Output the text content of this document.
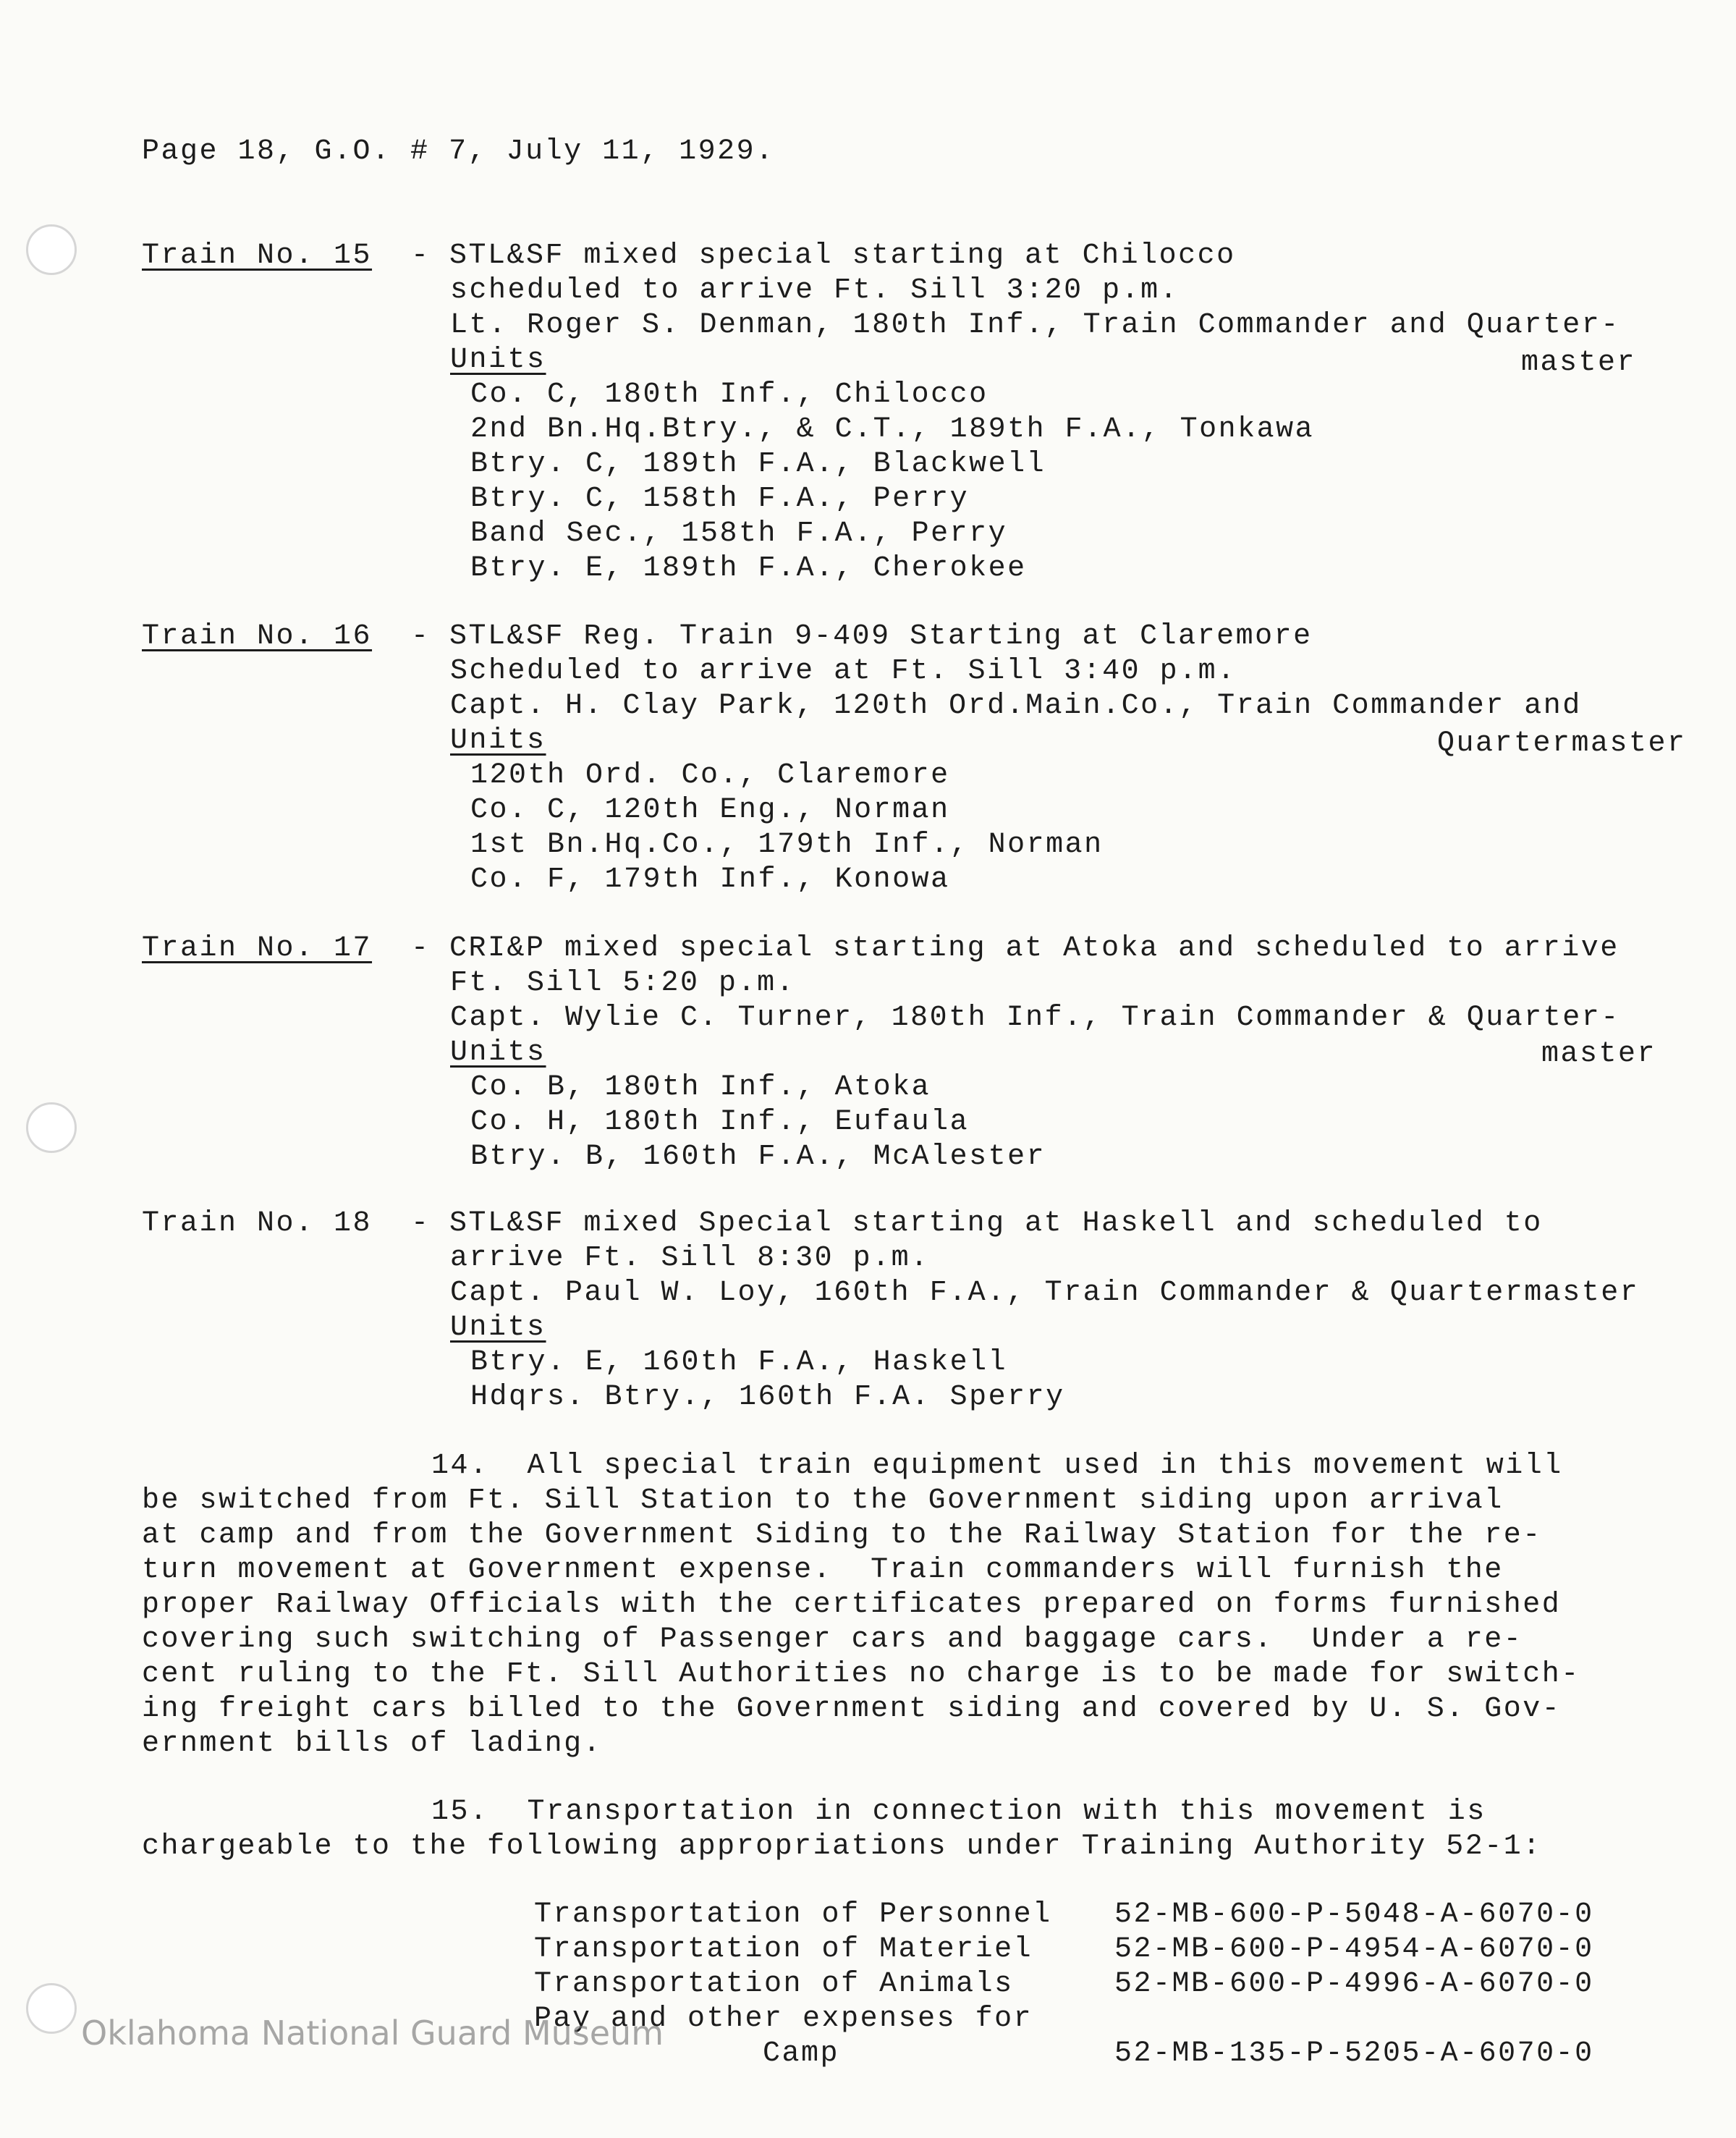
Page 18, G.O. # 7, July 11, 1929.
Train No. 15 - STL&SF mixed special starting at Chilocco
scheduled to arrive Ft. Sill 3:20 p.m.
Lt. Roger S. Denman, 180th Inf., Train Commander and Quarter-
Units	master
Co. C, 180th Inf., Chilocco
2nd Bn.Hq.Btry., & C.T., 189th F.A., Tonkawa
Btry. C, 189th F.A., Blackwell
Btry. C, 158th F.A., Perry
Band Sec., 158th F.A., Perry
Btry. E, 189th F.A., Cherokee
Train No. 16 - STL&SF Reg. Train 9-409 Starting at Claremore
Scheduled to arrive at Ft. Sill 3:40 p.m.
Capt. H. Clay Park, 120th Ord.Main.Co., Train Commander and
Units	Quartermaster
120th Ord. Co., Claremore
Co. C, 120th Eng., Norman
1st Bn.Hq.Co., 179th Inf., Norman
Co. F, 179th Inf., Konowa
Train No. 17 - CRI&P mixed special starting at Atoka and scheduled to arrive
Ft. Sill 5:20 p.m.
Capt. Wylie C. Turner, 180th Inf., Train Commander & Quarter-
Units	master
Co. B, 180th Inf., Atoka
Co. H, 180th Inf., Eufaula
Btry. B, 160th F.A., McAlester
Train No. 18 - STL&SF mixed Special starting at Haskell and scheduled to
arrive Ft. Sill 8:30 p.m.
Capt. Paul W. Loy, 160th F.A., Train Commander & Quartermaster
Units
Btry. E, 160th F.A., Haskell
Hdqrs. Btry., 160th F.A. Sperry
14.  All special train equipment used in this movement will
be switched from Ft. Sill Station to the Government siding upon arrival
at camp and from the Government Siding to the Railway Station for the re-
turn movement at Government expense.  Train commanders will furnish the
proper Railway Officials with the certificates prepared on forms furnished
covering such switching of Passenger cars and baggage cars.  Under a re-
cent ruling to the Ft. Sill Authorities no charge is to be made for switch-
ing freight cars billed to the Government siding and covered by U. S. Gov-
ernment bills of lading.
15.  Transportation in connection with this movement is
chargeable to the following appropriations under Training Authority 52-1:
Transportation of Personnel 52-MB-600-P-5048-A-6070-0
Transportation of Materiel	52-MB-600-P-4954-A-6070-0
Transportation of Animals	52-MB-600-P-4996-A-6070-0
Pay and other expenses for
Camp	52-MB-135-P-5205-A-6070-0
Oklahoma National Guard Museum
